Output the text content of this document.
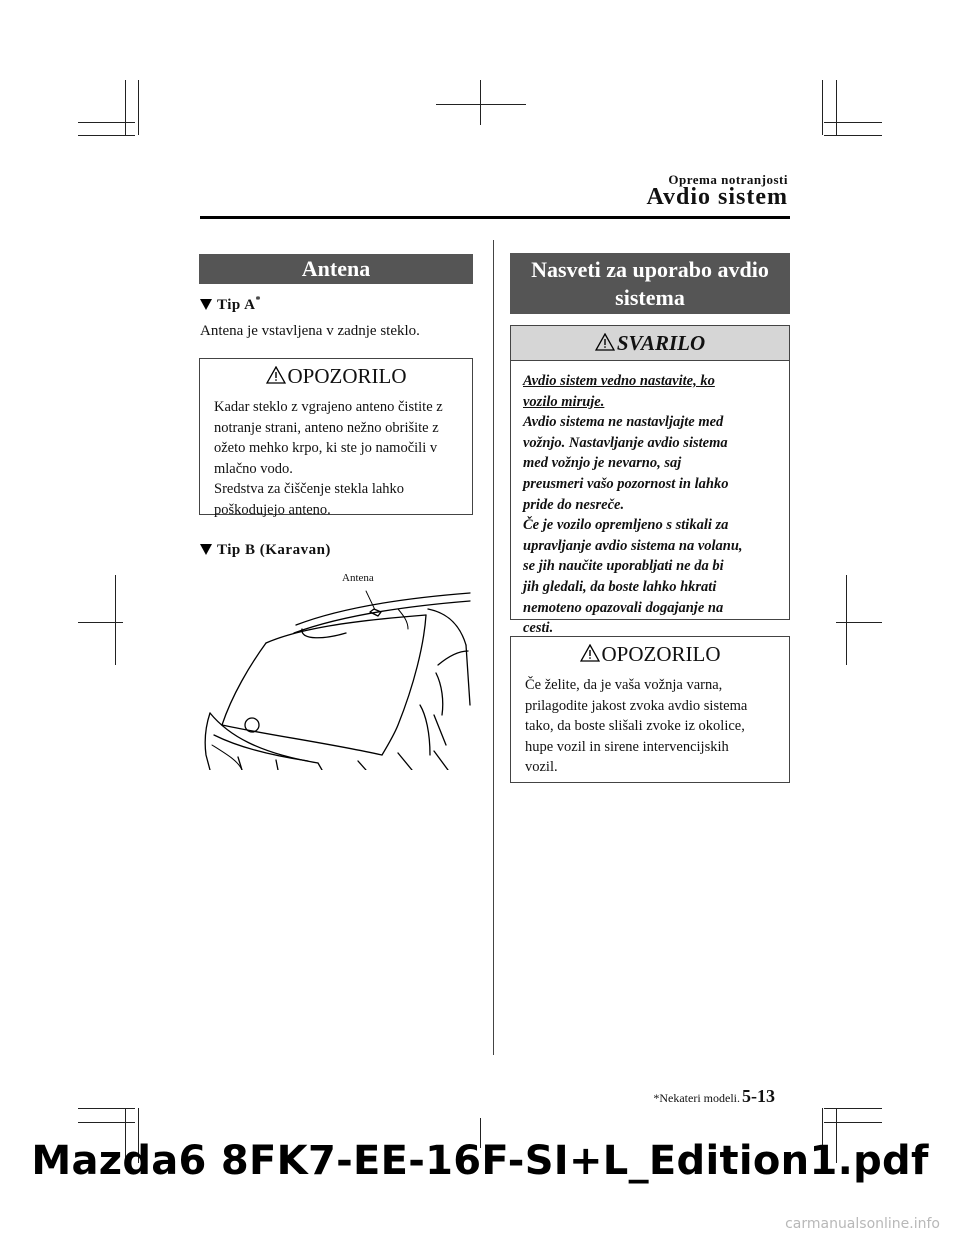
Oprema notranjosti
Avdio sistem
Antena
Tip A*
Antena je vstavljena v zadnje steklo.
OPOZORILO

Kadar steklo z vgrajeno anteno čistite z

notranje strani, anteno nežno obrišite z

ožeto mehko krpo, ki ste jo namočili v

mlačno vodo.

Sredstva za čiščenje stekla lahko

poškodujejo anteno.

Tip B (Karavan)
Antena
Nasveti za uporabo avdio
sistema
SVARILO

Avdio sistem vedno nastavite, ko

vozilo miruje.

Avdio sistema ne nastavljajte med

vožnjo. Nastavljanje avdio sistema

med vožnjo je nevarno, saj

preusmeri vašo pozornost in lahko

pride do nesreče.

Če je vozilo opremljeno s stikali za

upravljanje avdio sistema na volanu,

se jih naučite uporabljati ne da bi

jih gledali, da boste lahko hkrati

nemoteno opazovali dogajanje na

cesti.

OPOZORILO

Če želite, da je vaša vožnja varna,

prilagodite jakost zvoka avdio sistema

tako, da boste slišali zvoke iz okolice,

hupe vozil in sirene intervencijskih

vozil.

*Nekateri modeli. 5-13
Mazda6 8FK7-EE-16F-SI+L_Edition1.pdf
carmanualsonline.info
